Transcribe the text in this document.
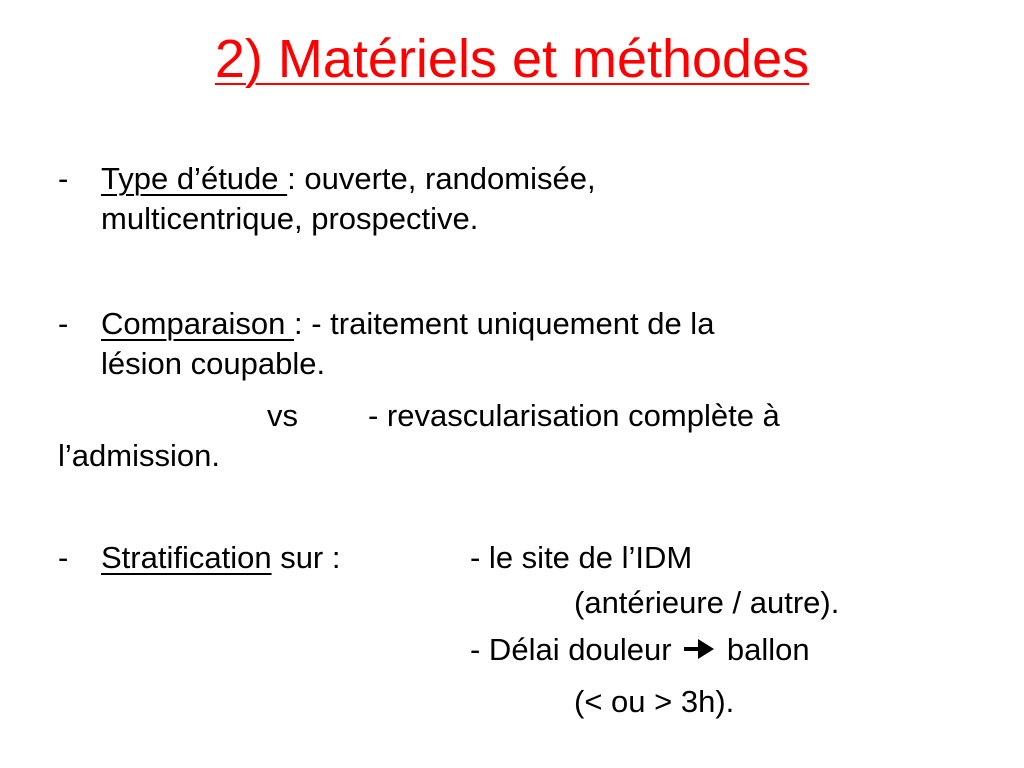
2) Matériels et méthodes
- Type d’étude : ouverte, randomisée,
multicentrique, prospective.
- Comparaison : - traitement uniquement de la
lésion coupable.
vs - revascularisation complète à
l’admission.
- Stratification sur :	- le site de l’IDM
(antérieure / autre).
- Délai douleur  ballon
(< ou > 3h).
